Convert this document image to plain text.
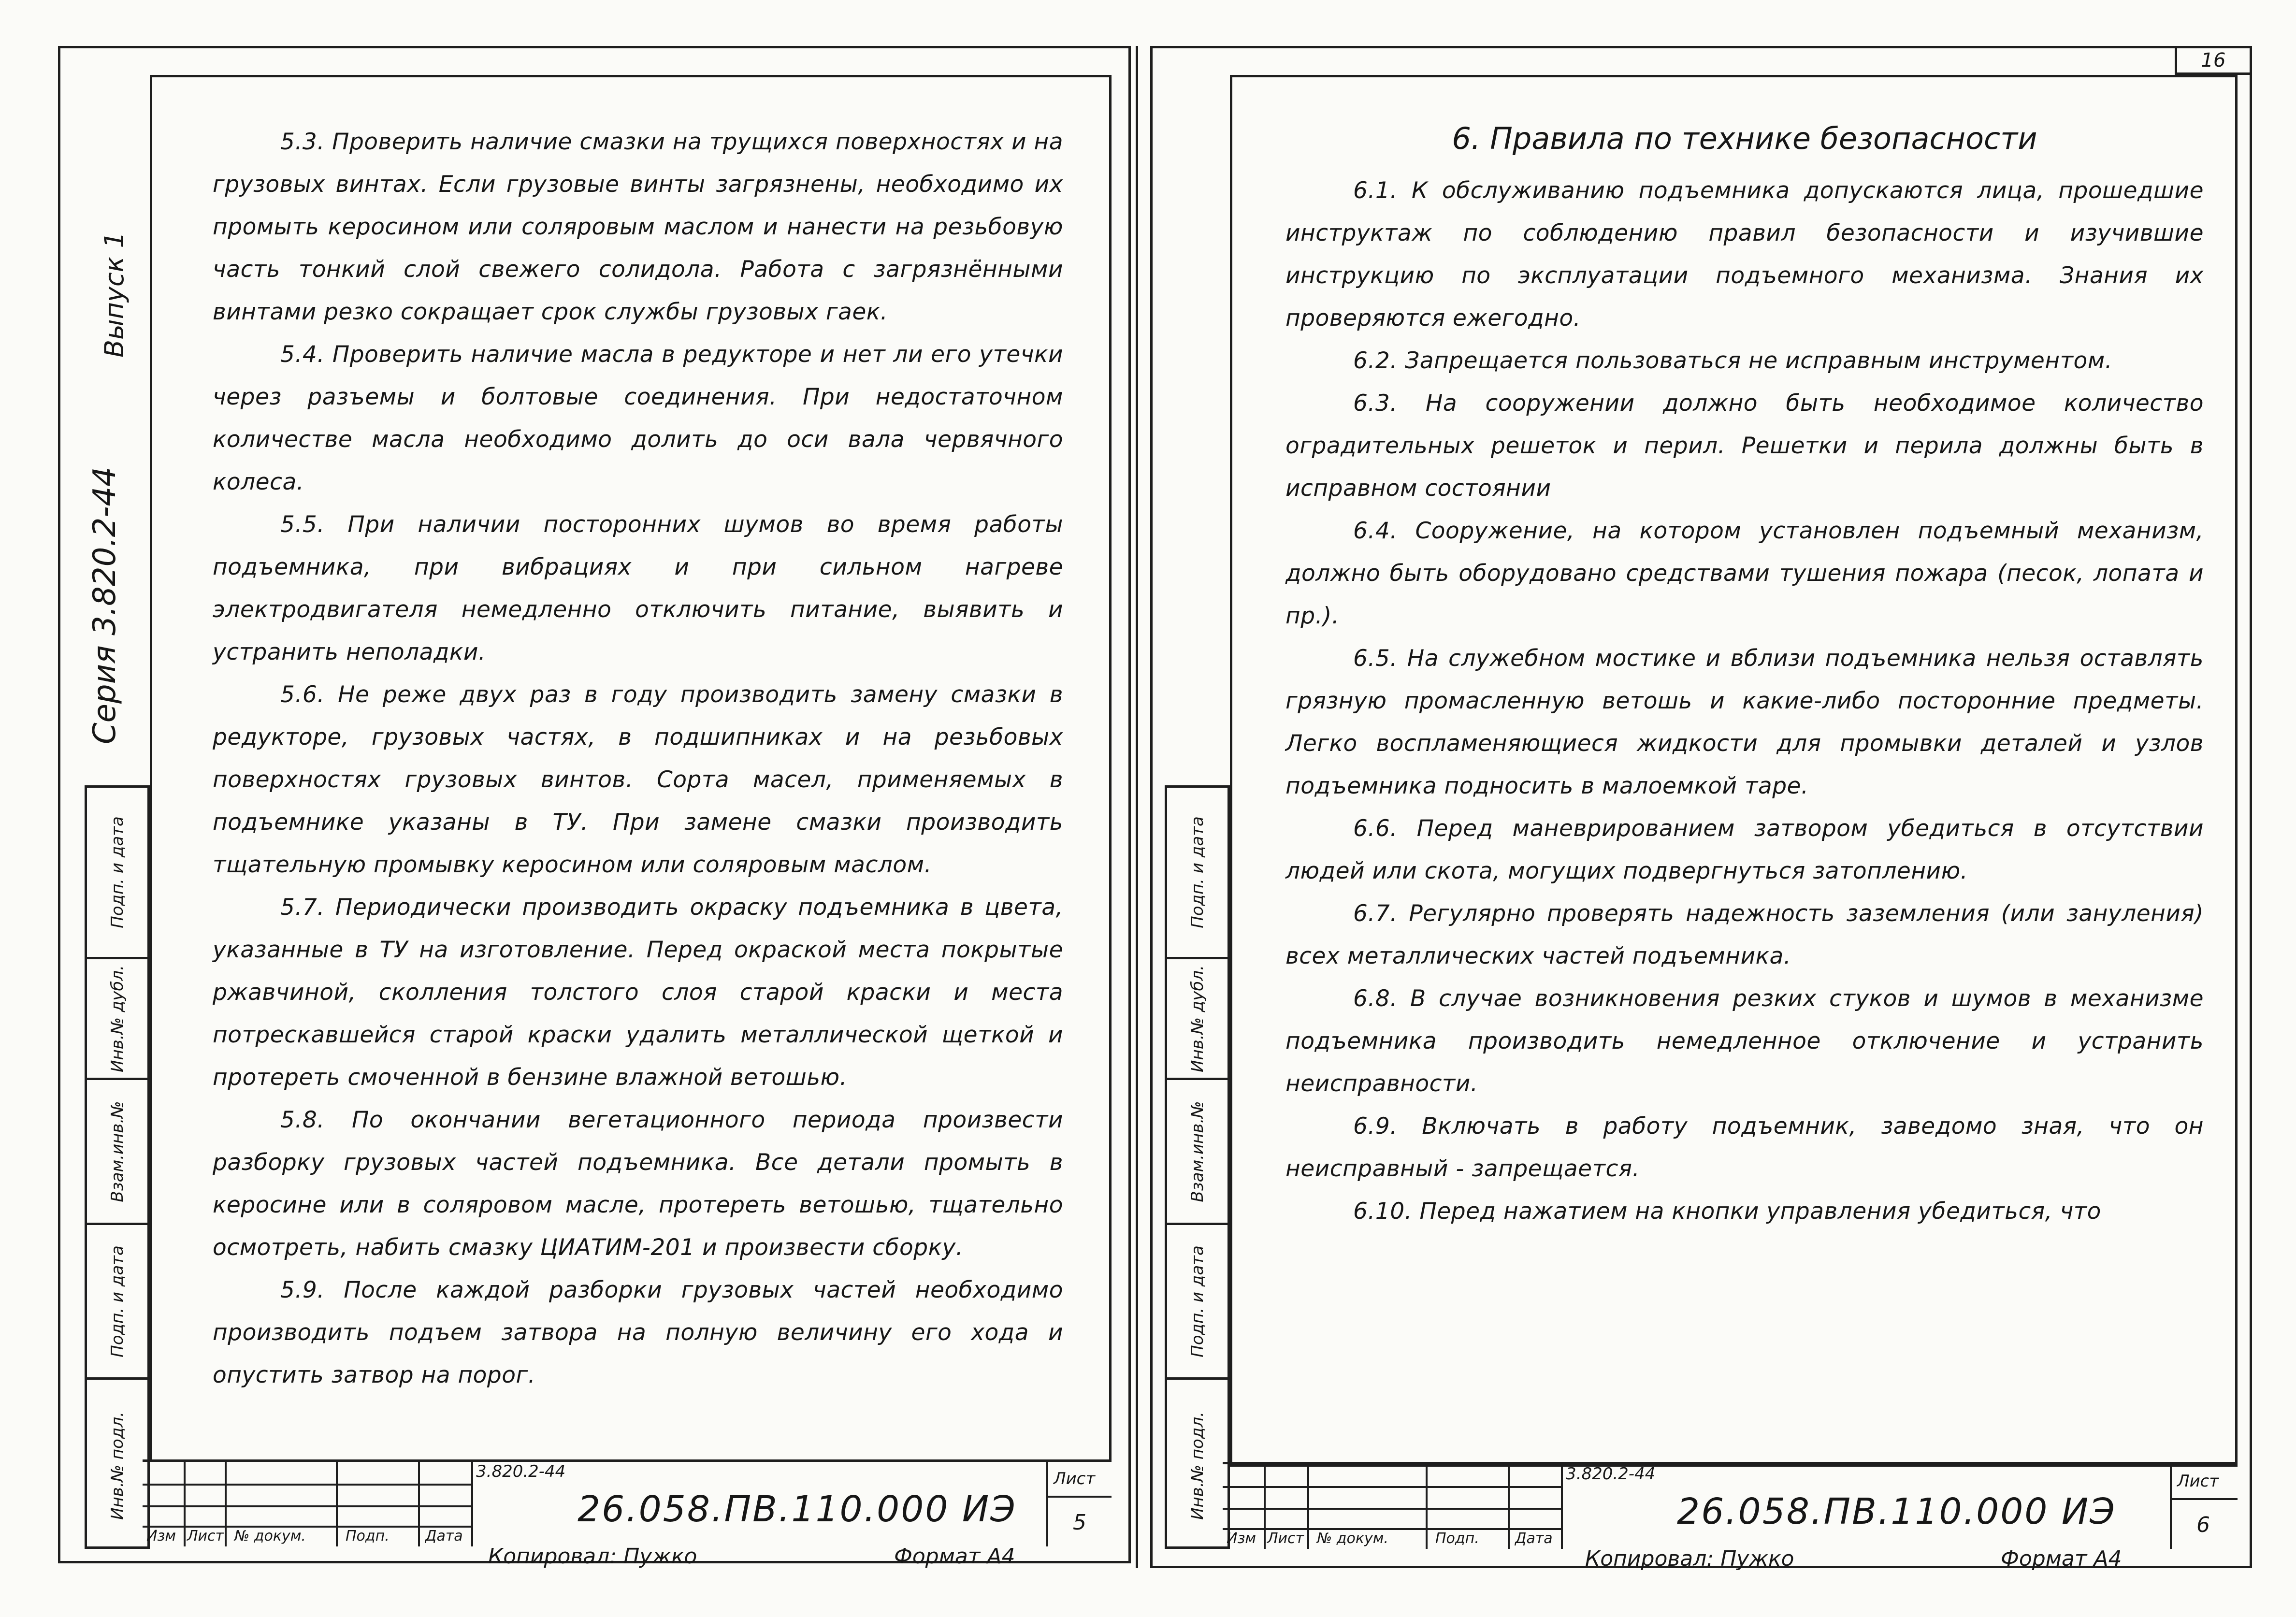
Серия 3.820.2-44
Выпуск 1
Подп. и дата
Инв.№ дубл.
Взам.инв.№
Подп. и дата
Инв.№ подл.

5.3. Проверить наличие смазки на трущихся поверхностях и на грузовых винтах. Если грузовые винты загрязнены, необходимо их промыть керосином или соляровым маслом и нанести на резьбовую часть тонкий слой свежего солидола. Работа с загрязнёнными винтами резко сокращает срок службы грузовых гаек.

5.4. Проверить наличие масла в редукторе и нет ли его утечки через разъемы и болтовые соединения. При недостаточном количестве масла необходимо долить до оси вала червячного колеса.

5.5. При наличии посторонних шумов во время работы подъемника, при вибрациях и при сильном нагреве электродвигателя немедленно отключить питание, выявить и устранить неполадки.

5.6. Не реже двух раз в году производить замену смазки в редукторе, грузовых частях, в подшипниках и на резьбовых поверхностях грузовых винтов. Сорта масел, применяемых в подъемнике указаны в ТУ. При замене смазки производить тщательную промывку керосином или соляровым маслом.

5.7. Периодически производить окраску подъемника в цвета, указанные в ТУ на изготовление. Перед окраской места покрытые ржавчиной, сколления толстого слоя старой краски и места потрескавшейся старой краски удалить металлической щеткой и протереть смоченной в бензине влажной ветошью.

5.8. По окончании вегетационного периода произвести разборку грузовых частей подъемника. Все детали промыть в керосине или в соляровом масле, протереть ветошью, тщательно осмотреть, набить смазку ЦИАТИМ-201 и произвести сборку.

5.9. После каждой разборки грузовых частей необходимо производить подъем затвора на полную величину его хода и опустить затвор на порог.

Изм Лист № докум.	Подп. Дата
3.820.2-44
26.058.ПВ.110.000 ИЭ
Лист
5
Копировал: Пужко	Формат А4
16
Подп. и дата
Инв.№ дубл.
Взам.инв.№
Подп. и дата
Инв.№ подл.

6. Правила по технике безопасности

6.1. К обслуживанию подъемника допускаются лица, прошедшие инструктаж по соблюдению правил безопасности и изучившие инструкцию по эксплуатации подъемного механизма. Знания их проверяются ежегодно.

6.2. Запрещается пользоваться не исправным инструментом.

6.3. На сооружении должно быть необходимое количество оградительных решеток и перил. Решетки и перила должны быть в исправном состоянии

6.4. Сооружение, на котором установлен подъемный механизм, должно быть оборудовано средствами тушения пожара (песок, лопата и пр.).

6.5. На служебном мостике и вблизи подъемника нельзя оставлять грязную промасленную ветошь и какие-либо посторонние предметы. Легко воспламеняющиеся жидкости для промывки деталей и узлов подъемника подносить в малоемкой таре.

6.6. Перед маневрированием затвором убедиться в отсутствии людей или скота, могущих подвергнуться затоплению.

6.7. Регулярно проверять надежность заземления (или зануления) всех металлических частей подъемника.

6.8. В случае возникновения резких стуков и шумов в механизме подъемника производить немедленное отключение и устранить неисправности.

6.9. Включать в работу подъемник, заведомо зная, что он неисправный - запрещается.

6.10. Перед нажатием на кнопки управления убедиться, что

Изм Лист № докум.	Подп. Дата
3.820.2-44
26.058.ПВ.110.000 ИЭ
Лист
6
Копировал: Пужко	Формат А4
